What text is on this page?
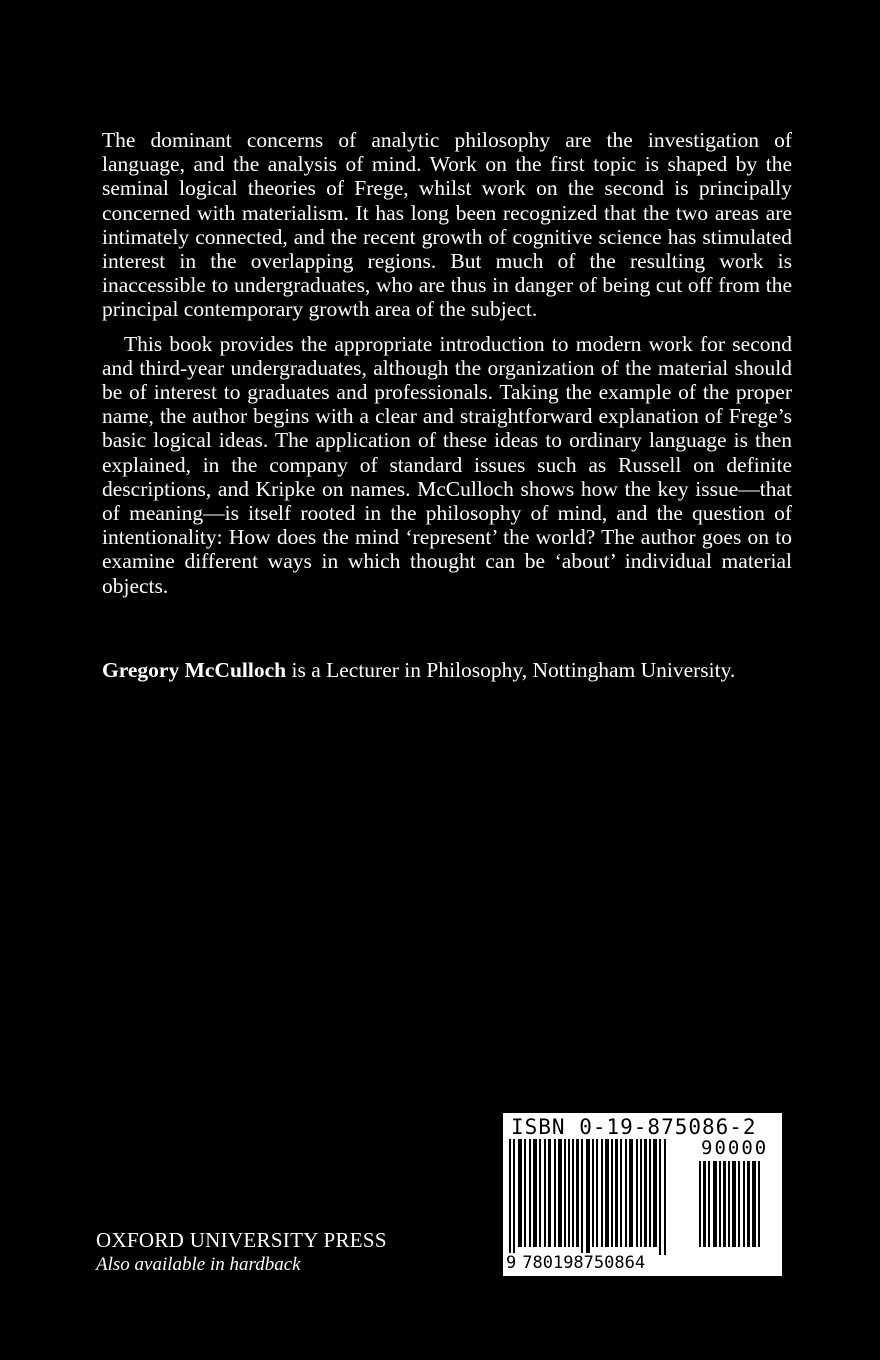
The dominant concerns of analytic philosophy are the investigation of language, and the analysis of mind. Work on the first topic is shaped by the seminal logical theories of Frege, whilst work on the second is principally concerned with materialism. It has long been recognized that the two areas are intimately connected, and the recent growth of cognitive science has stimulated interest in the overlapping regions. But much of the resulting work is inaccessible to undergraduates, who are thus in danger of being cut off from the principal contemporary growth area of the subject.

This book provides the appropriate introduction to modern work for second and third-year undergraduates, although the organization of the material should be of interest to graduates and professionals. Taking the example of the proper name, the author begins with a clear and straightforward explanation of Frege’s basic logical ideas. The application of these ideas to ordinary language is then explained, in the company of standard issues such as Russell on definite descriptions, and Kripke on names. McCulloch shows how the key issue—that of meaning—is itself rooted in the philosophy of mind, and the question of intentionality: How does the mind ‘represent’ the world? The author goes on to examine different ways in which thought can be ‘about’ individual material objects.

Gregory McCulloch is a Lecturer in Philosophy, Nottingham University.
OXFORD UNIVERSITY PRESS
Also available in hardback
ISBN 0-19-875086-2
90000
9 780198750864
